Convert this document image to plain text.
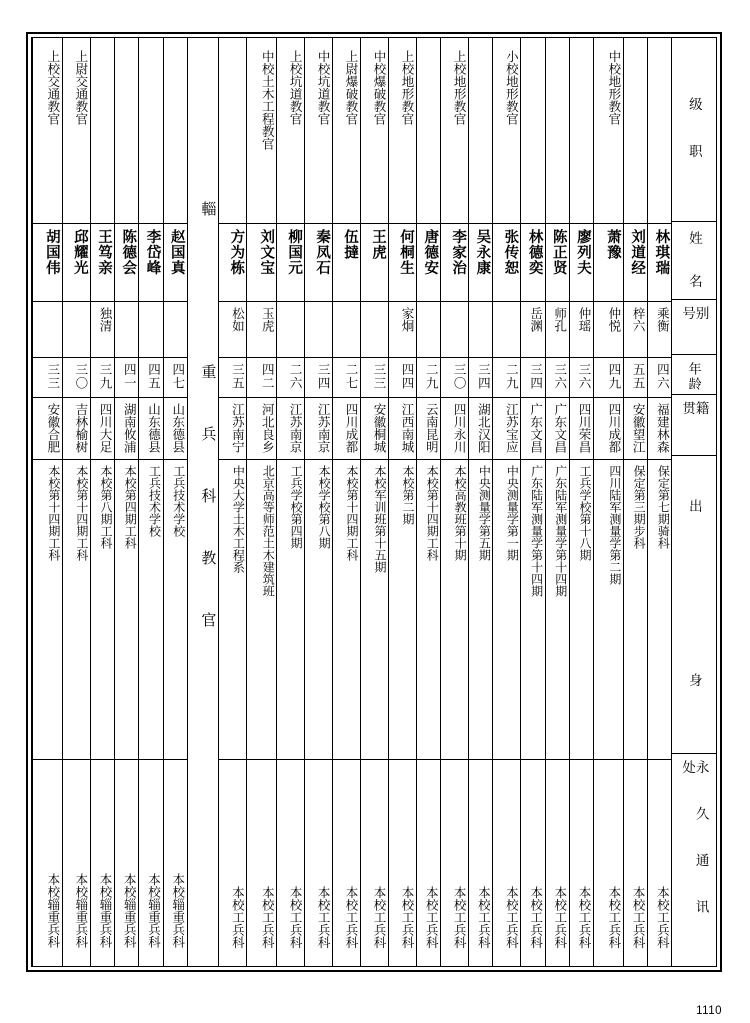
级　职
姓　名
别　号
年龄
籍　贯
出　　　身
永 久 通 讯 处
林琪瑞
乘衡
四六
福建林森
保定第七期骑科
本校工兵科
刘道经
梓六
五五
安徽望江
保定第三期步科
本校工兵科
中校地形教官
萧豫
仲悦
四九
四川成都
四川陆军测量学第二期
本校工兵科
廖列夫
仲瑶
三六
四川荣昌
工兵学校第十八期
本校工兵科
陈正贤
师孔
三六
广东文昌
广东陆军测量学第十四期
本校工兵科
林德奕
岳渊
三四
广东文昌
广东陆军测量学第十四期
本校工兵科
小校地形教官
张传恕
二九
江苏宝应
中央测量学第一期
本校工兵科
吴永康
三四
湖北汉阳
中央测量学第五期
本校工兵科
上校地形教官
李家治
三〇
四川永川
本校高教班第十期
本校工兵科
唐德安
二九
云南昆明
本校第十四期工科
本校工兵科
上校地形教官
何桐生
家炯
四四
江西南城
本校第二期
本校工兵科
中校爆破教官
王虎
三三
安徽桐城
本校军训班第十五期
本校工兵科
上尉爆破教官
伍撻
二七
四川成都
本校第十四期工科
本校工兵科
中校坑道教官
秦凤石
三四
江苏南京
本校学校第八期
本校工兵科
上校坑道教官
柳国元
二六
江苏南京
工兵学校第四期
本校工兵科
中校土木工程教官
刘文宝
玉虎
四二
河北良乡
北京高等师范土木建筑班
本校工兵科
方为栋
松如
三五
江苏南宁
中央大学土木工程系
本校工兵科
輜
重　兵　科　教　官
赵国真
四七
山东德县
工兵技术学校
本校辎重兵科
李岱峰
四五
山东德县
工兵技术学校
本校辎重兵科
陈德会
四一
湖南攸浦
本校第四期工科
本校辎重兵科
王笃亲
独清
三九
四川大足
本校第八期工科
本校辎重兵科
上尉交通教官
邱耀光
三〇
吉林榆树
本校第十四期工科
本校辎重兵科
上校交通教官
胡国伟
三三
安徽合肥
本校第十四期工科
本校辎重兵科
1110
